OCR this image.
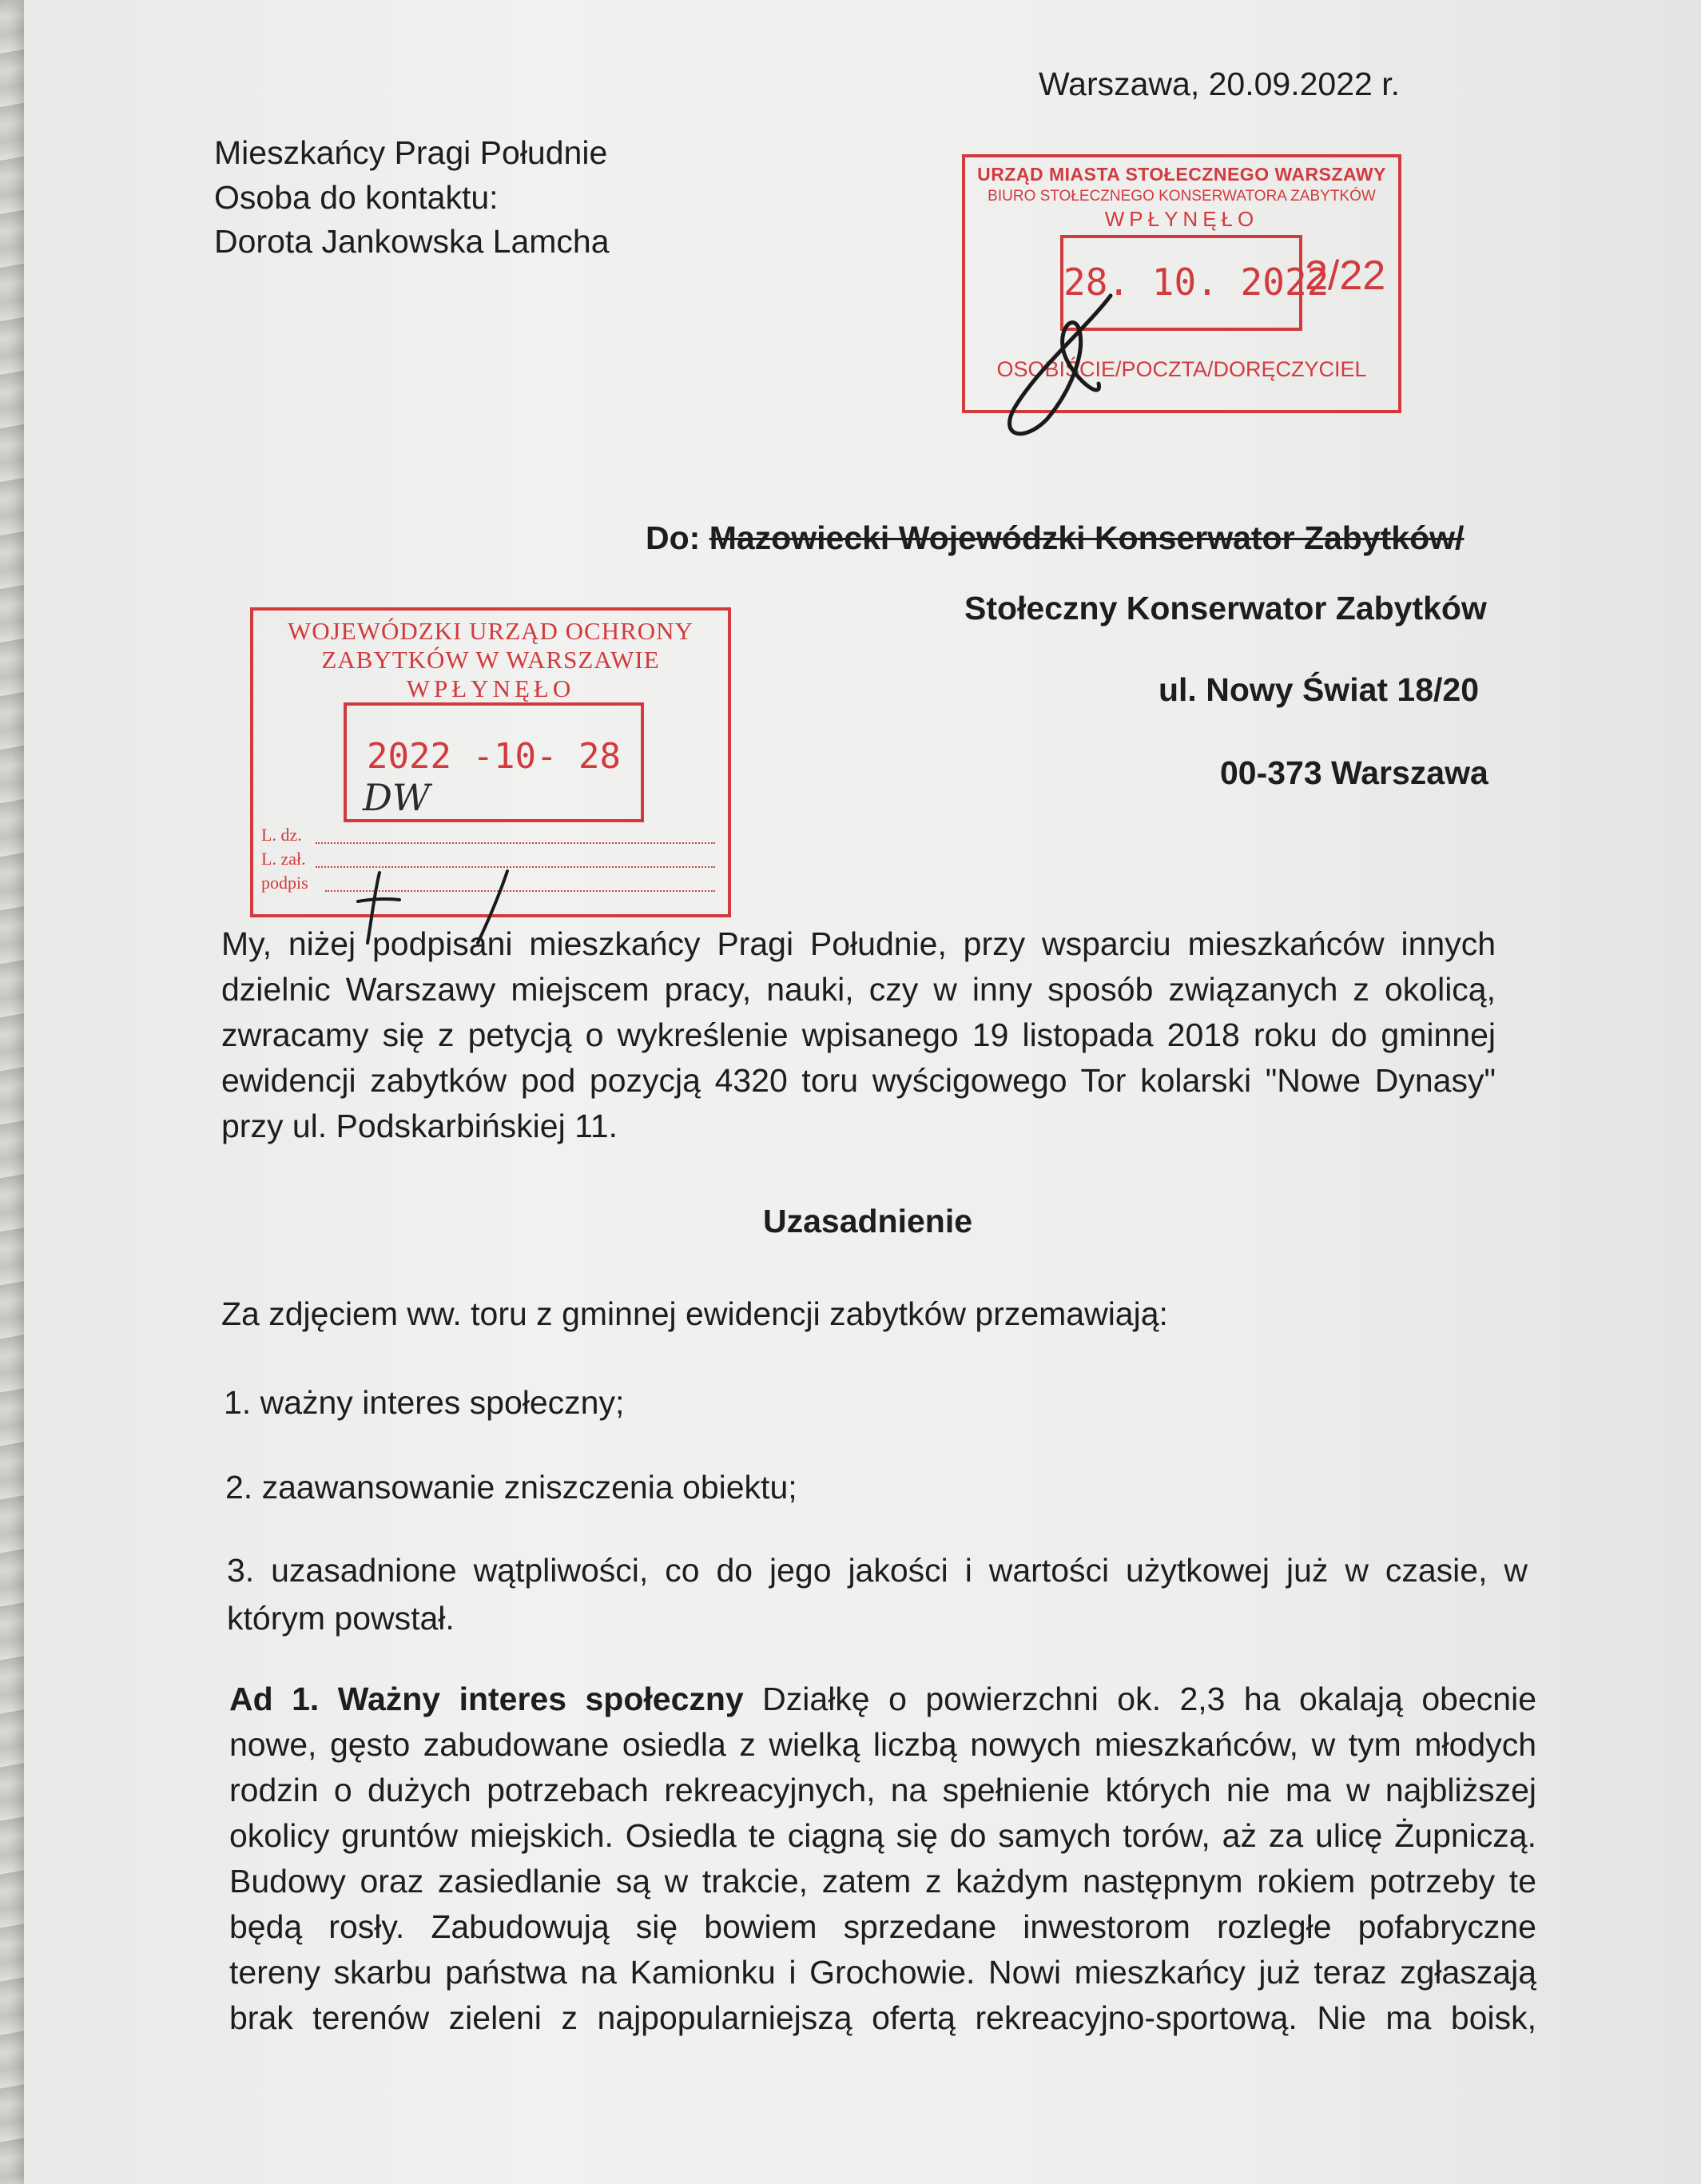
Warszawa, 20.09.2022 r.
Mieszkańcy Pragi Południe
Osoba do kontaktu:
Dorota Jankowska Lamcha
URZĄD MIASTA STOŁECZNEGO WARSZAWY
BIURO STOŁECZNEGO KONSERWATORA ZABYTKÓW
WPŁYNĘŁO
28. 10. 2022
2/22
OSOBIŚCIE/POCZTA/DORĘCZYCIEL
Do: Mazowiecki Wojewódzki Konserwator Zabytków/
Stołeczny Konserwator Zabytków
ul. Nowy Świat 18/20
00-373 Warszawa
WOJEWÓDZKI URZĄD OCHRONY
ZABYTKÓW W WARSZAWIE
WPŁYNĘŁO
2022 -10- 28
DW
L. dz.
L. zał.
podpis
My, niżej podpisani mieszkańcy Pragi Południe, przy wsparciu mieszkańców innych
dzielnic Warszawy miejscem pracy, nauki, czy w inny sposób związanych z okolicą,
zwracamy się z petycją o wykreślenie wpisanego 19 listopada 2018 roku do gminnej
ewidencji zabytków pod pozycją 4320 toru wyścigowego Tor kolarski "Nowe Dynasy"
przy ul. Podskarbińskiej 11.
Uzasadnienie
Za zdjęciem ww. toru z gminnej ewidencji zabytków przemawiają:
1. ważny interes społeczny;
2. zaawansowanie zniszczenia obiektu;
3. uzasadnione wątpliwości, co do jego jakości i wartości użytkowej już w czasie, w
którym powstał.
Ad 1. Ważny interes społeczny Działkę o powierzchni ok. 2,3 ha okalają obecnie
nowe, gęsto zabudowane osiedla z wielką liczbą nowych mieszkańców, w tym młodych
rodzin o dużych potrzebach rekreacyjnych, na spełnienie których nie ma w najbliższej
okolicy gruntów miejskich. Osiedla te ciągną się do samych torów, aż za ulicę Żupniczą.
Budowy oraz zasiedlanie są w trakcie, zatem z każdym następnym rokiem potrzeby te
będą rosły. Zabudowują się bowiem sprzedane inwestorom rozległe pofabryczne
tereny skarbu państwa na Kamionku i Grochowie. Nowi mieszkańcy już teraz zgłaszają
brak terenów zieleni z najpopularniejszą ofertą rekreacyjno-sportową. Nie ma boisk,
